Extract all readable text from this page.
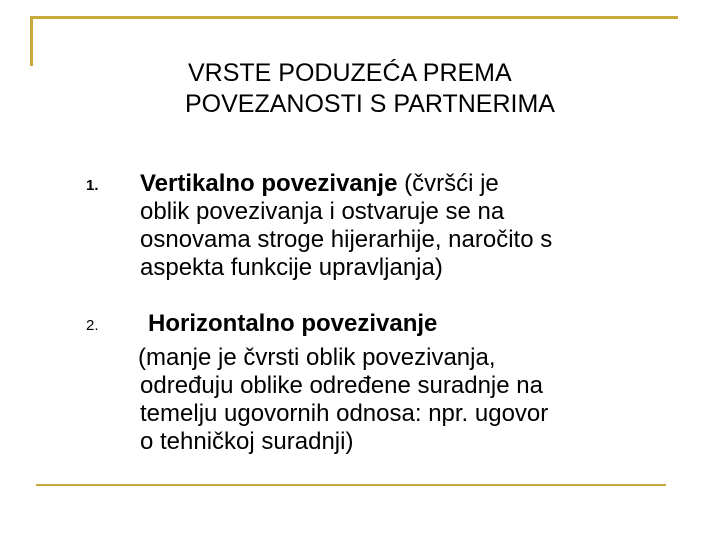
VRSTE PODUZEĆA PREMA
POVEZANOSTI S PARTNERIMA
1. Vertikalno povezivanje (čvršći je
oblik povezivanja i ostvaruje se na
osnovama stroge hijerarhije, naročito s
aspekta funkcije upravljanja)
2. Horizontalno povezivanje
(manje je čvrsti oblik povezivanja,
određuju oblike određene suradnje na
temelju ugovornih odnosa: npr. ugovor
o tehničkoj suradnji)
